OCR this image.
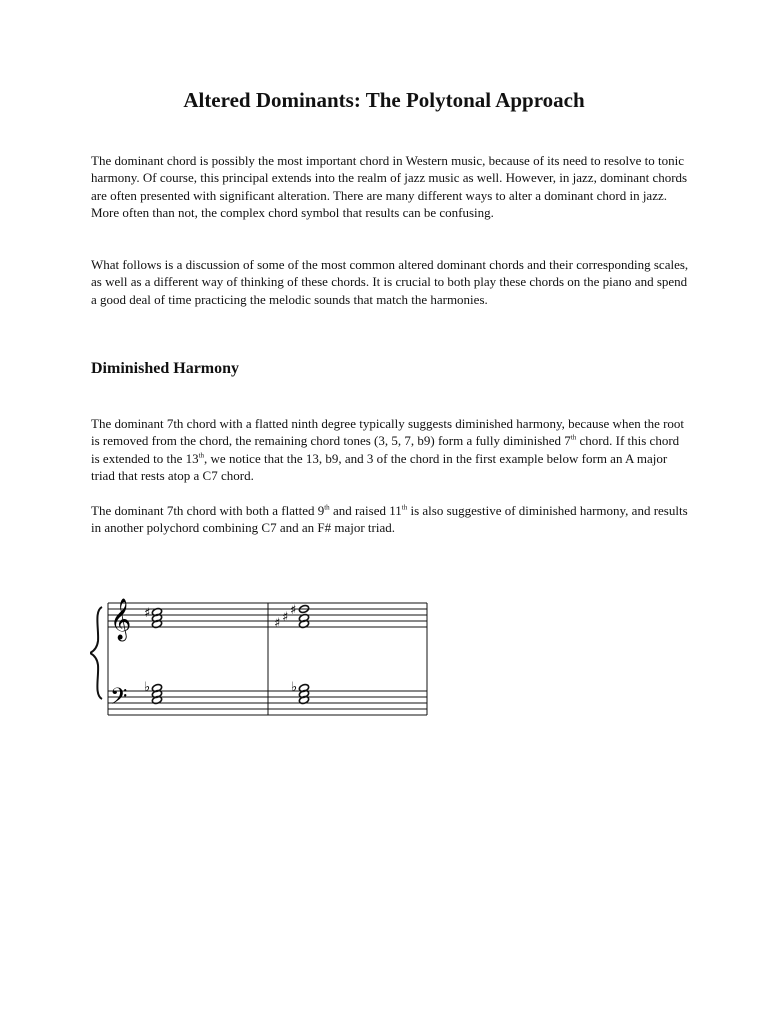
Altered Dominants: The Polytonal Approach

The dominant chord is possibly the most important chord in Western music, because of its need to resolve to tonic harmony. Of course, this principal extends into the realm of jazz music as well. However, in jazz, dominant chords are often presented with significant alteration. There are many different ways to alter a dominant chord in jazz. More often than not, the complex chord symbol that results can be confusing.

What follows is a discussion of some of the most common altered dominant chords and their corresponding scales, as well as a different way of thinking of these chords. It is crucial to both play these chords on the piano and spend a good deal of time practicing the melodic sounds that match the harmonies.

Diminished Harmony

The dominant 7th chord with a flatted ninth degree typically suggests diminished harmony, because when the root is removed from the chord, the remaining chord tones (3, 5, 7, b9) form a fully diminished 7th chord. If this chord is extended to the 13th, we notice that the 13, b9, and 3 of the chord in the first example below form an A major triad that rests atop a C7 chord.

The dominant 7th chord with both a flatted 9th and raised 11th is also suggestive of diminished harmony, and results in another polychord combining C7 and an F# major triad.

𝄞
𝄢
♯
♭
♯ ♯ ♯
♭
